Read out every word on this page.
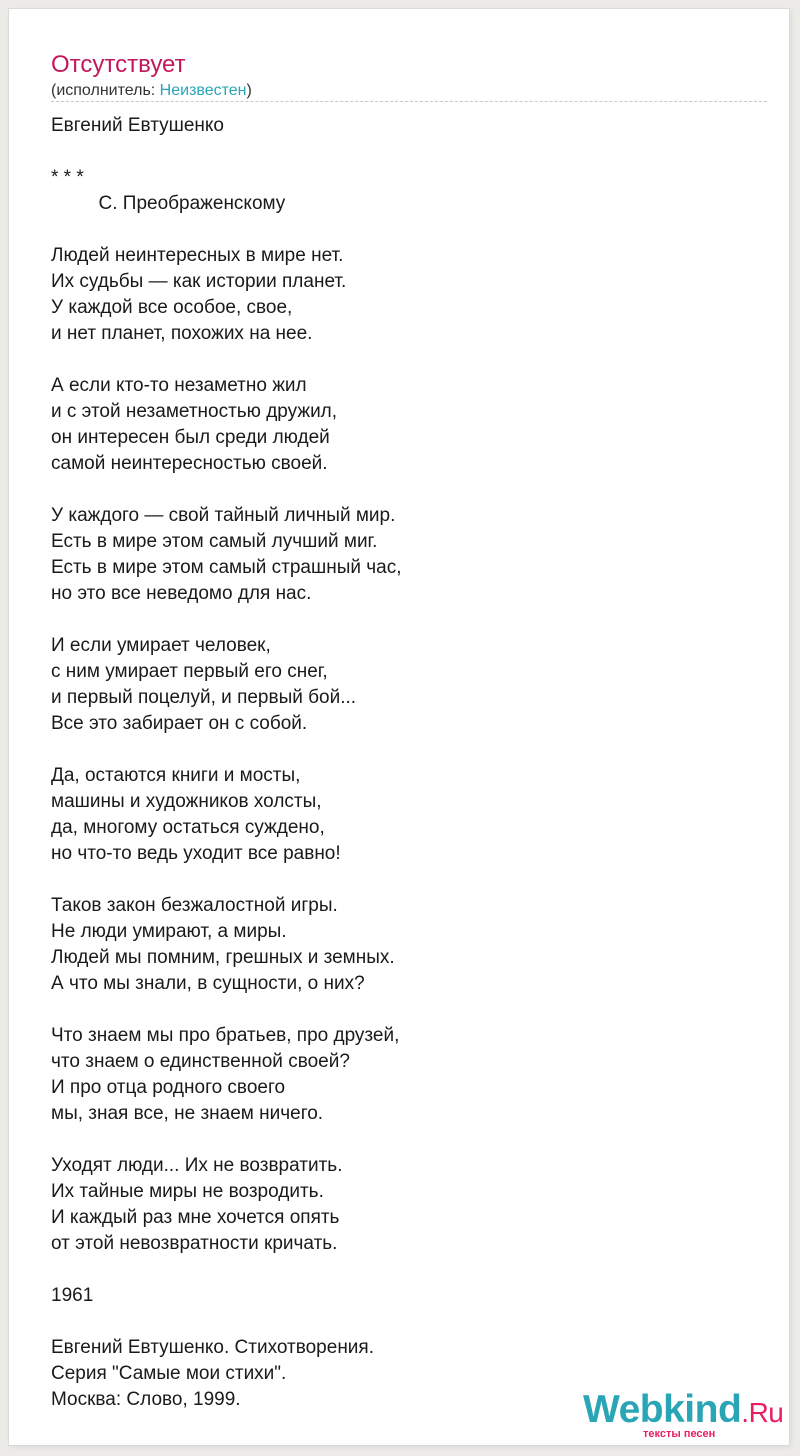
Отсутствует
(исполнитель: Неизвестен)
Евгений Евтушенко

* * *
С. Преображенскому

Людей неинтересных в мире нет.
Их судьбы — как истории планет.
У каждой все особое, свое,
и нет планет, похожих на нее.

А если кто-то незаметно жил
и с этой незаметностью дружил,
он интересен был среди людей
самой неинтересностью своей.

У каждого — свой тайный личный мир.
Есть в мире этом самый лучший миг.
Есть в мире этом самый страшный час,
но это все неведомо для нас.

И если умирает человек,
с ним умирает первый его снег,
и первый поцелуй, и первый бой...
Все это забирает он с собой.

Да, остаются книги и мосты,
машины и художников холсты,
да, многому остаться суждено,
но что-то ведь уходит все равно!

Таков закон безжалостной игры.
Не люди умирают, а миры.
Людей мы помним, грешных и земных.
А что мы знали, в сущности, о них?

Что знаем мы про братьев, про друзей,
что знаем о единственной своей?
И про отца родного своего
мы, зная все, не знаем ничего.

Уходят люди... Их не возвратить.
Их тайные миры не возродить.
И каждый раз мне хочется опять
от этой невозвратности кричать.

1961

Евгений Евтушенко. Стихотворения.
Серия "Самые мои стихи".
Москва: Слово, 1999.	Webkind.Ru
тексты песен
